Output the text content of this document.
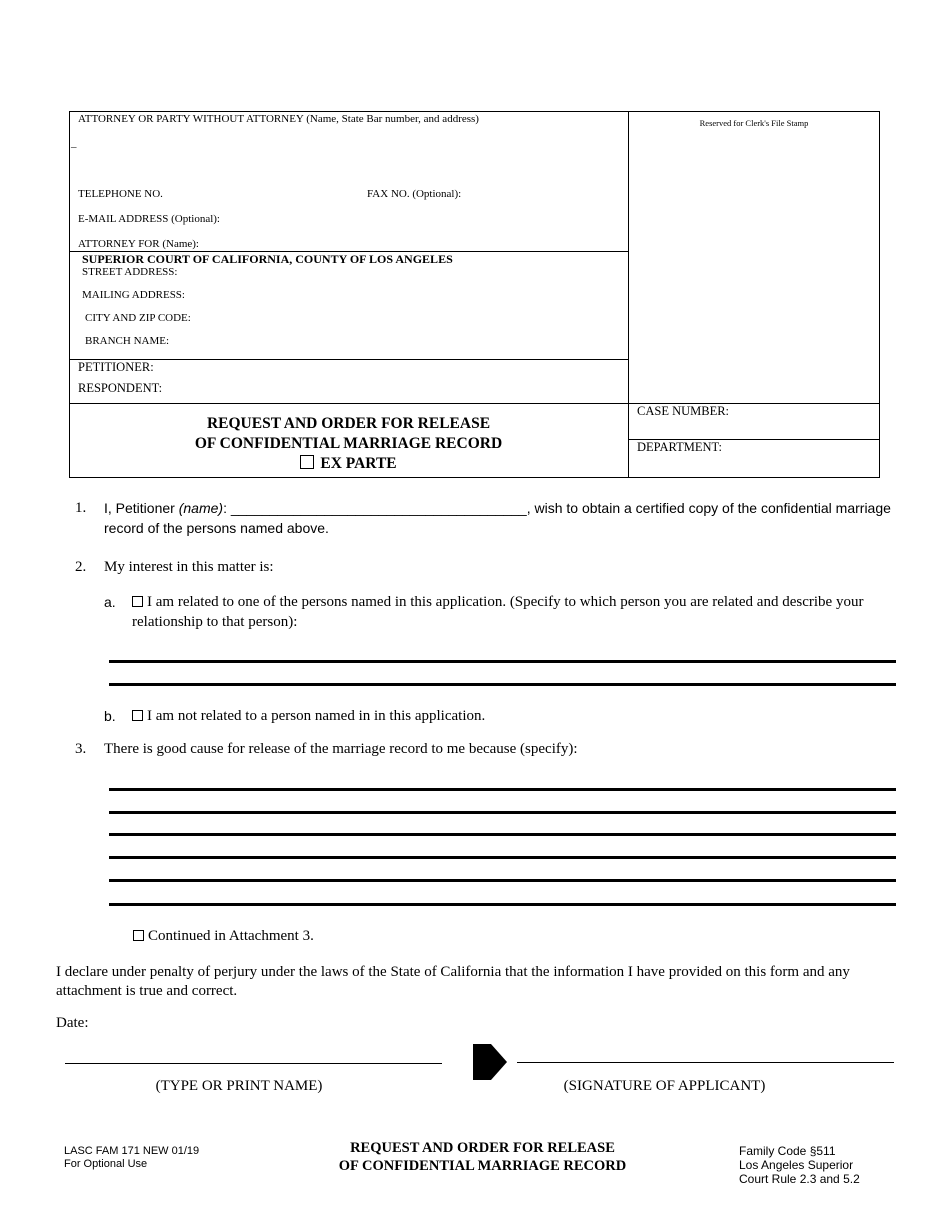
ATTORNEY OR PARTY WITHOUT ATTORNEY (Name, State Bar number, and address)
_
TELEPHONE NO.	FAX NO. (Optional):
E-MAIL ADDRESS (Optional):
ATTORNEY FOR (Name):
Reserved for Clerk's File Stamp
SUPERIOR COURT OF CALIFORNIA, COUNTY OF LOS ANGELES
STREET ADDRESS:
MAILING ADDRESS:
CITY AND ZIP CODE:
BRANCH NAME:
PETITIONER:
RESPONDENT:
CASE NUMBER:
DEPARTMENT:
REQUEST AND ORDER FOR RELEASE
OF CONFIDENTIAL MARRIAGE RECORD
EX PARTE
1. I, Petitioner (name): ______________________________________, wish to obtain a certified copy of the confidential marriage
record of the persons named above.
2. My interest in this matter is:
a.	I am related to one of the persons named in this application. (Specify to which person you are related and describe your
relationship to that person):
b.	I am not related to a person named in in this application.
3. There is good cause for release of the marriage record to me because (specify):
Continued in Attachment 3.
I declare under penalty of perjury under the laws of the State of California that the information I have provided on this form and any
attachment is true and correct.
Date:
(TYPE OR PRINT NAME)	(SIGNATURE OF APPLICANT)
LASC FAM 171 NEW 01/19
For Optional Use
REQUEST AND ORDER FOR RELEASE
OF CONFIDENTIAL MARRIAGE RECORD
Family Code §511
Los Angeles Superior
Court Rule 2.3 and 5.2
